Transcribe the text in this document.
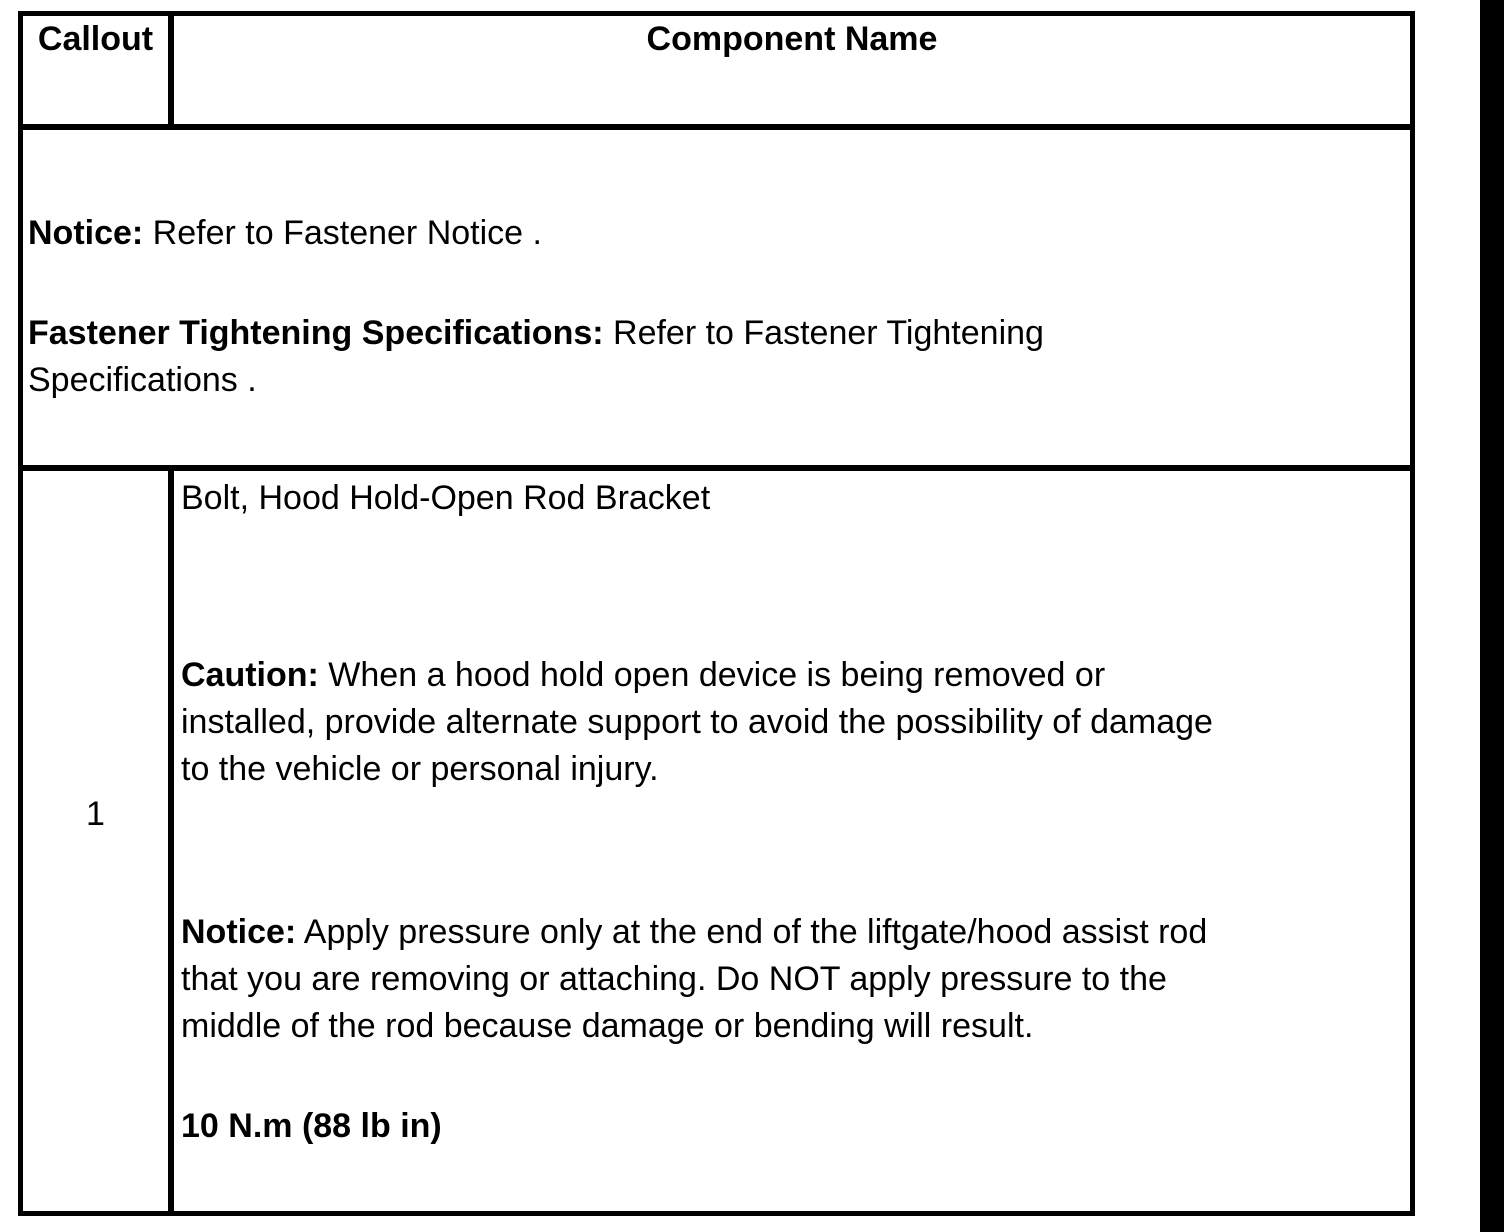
Callout	Component Name
Notice: Refer to Fastener Notice .
Fastener Tightening Specifications: Refer to Fastener Tightening
Specifications .
1
Bolt, Hood Hold-Open Rod Bracket
Caution: When a hood hold open device is being removed or
installed, provide alternate support to avoid the possibility of damage
to the vehicle or personal injury.
Notice: Apply pressure only at the end of the liftgate/hood assist rod
that you are removing or attaching. Do NOT apply pressure to the
middle of the rod because damage or bending will result.
10 N.m (88 lb in)
